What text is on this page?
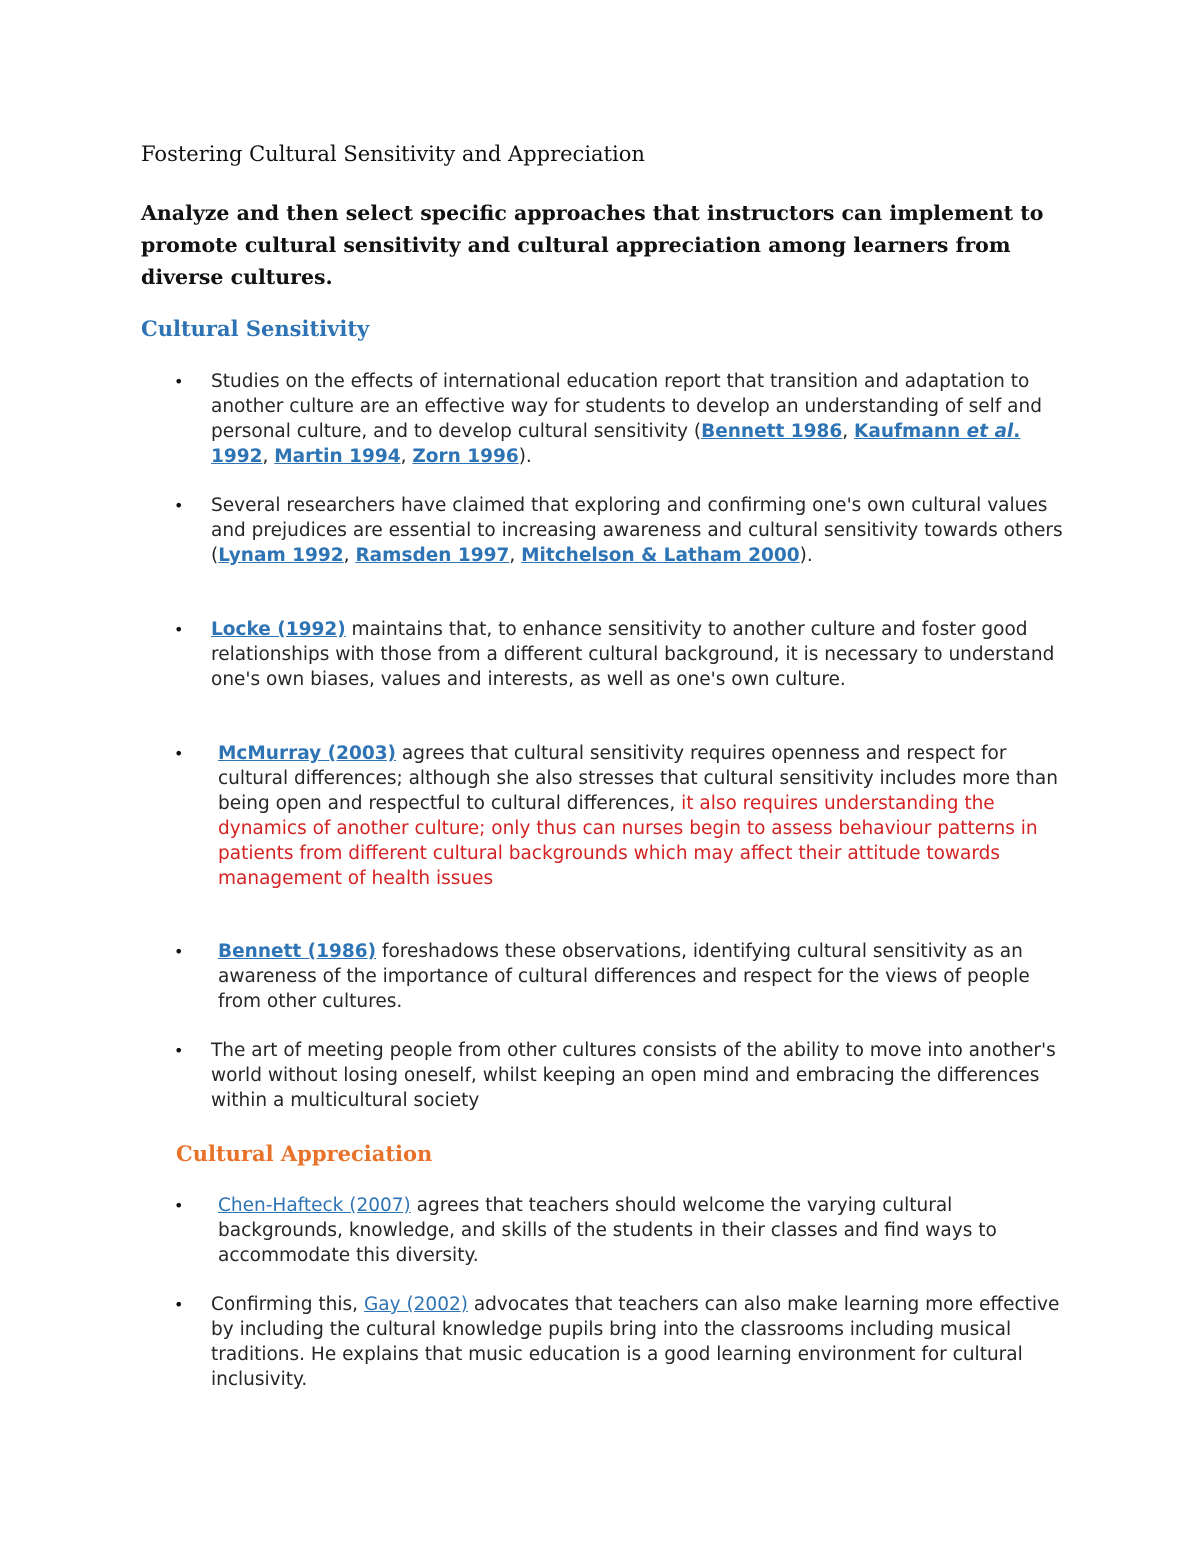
Fostering Cultural Sensitivity and Appreciation
Analyze and then select specific approaches that instructors can implement to promote cultural sensitivity and cultural appreciation among learners from diverse cultures.
Cultural Sensitivity
• Studies on the effects of international education report that transition and adaptation to another culture are an effective way for students to develop an understanding of self and personal culture, and to develop cultural sensitivity (Bennett 1986, Kaufmann et al. 1992, Martin 1994, Zorn 1996).
• Several researchers have claimed that exploring and confirming one's own cultural values and prejudices are essential to increasing awareness and cultural sensitivity towards others (Lynam 1992, Ramsden 1997, Mitchelson & Latham 2000).
• Locke (1992) maintains that, to enhance sensitivity to another culture and foster good relationships with those from a different cultural background, it is necessary to understand one's own biases, values and interests, as well as one's own culture.
• McMurray (2003) agrees that cultural sensitivity requires openness and respect for cultural differences; although she also stresses that cultural sensitivity includes more than being open and respectful to cultural differences, it also requires understanding the dynamics of another culture; only thus can nurses begin to assess behaviour patterns in patients from different cultural backgrounds which may affect their attitude towards management of health issues
• Bennett (1986) foreshadows these observations, identifying cultural sensitivity as an awareness of the importance of cultural differences and respect for the views of people from other cultures.
• The art of meeting people from other cultures consists of the ability to move into another's world without losing oneself, whilst keeping an open mind and embracing the differences within a multicultural society
Cultural Appreciation
• Chen-Hafteck (2007) agrees that teachers should welcome the varying cultural backgrounds, knowledge, and skills of the students in their classes and find ways to accommodate this diversity.
• Confirming this, Gay (2002) advocates that teachers can also make learning more effective by including the cultural knowledge pupils bring into the classrooms including musical traditions. He explains that music education is a good learning environment for cultural inclusivity.
